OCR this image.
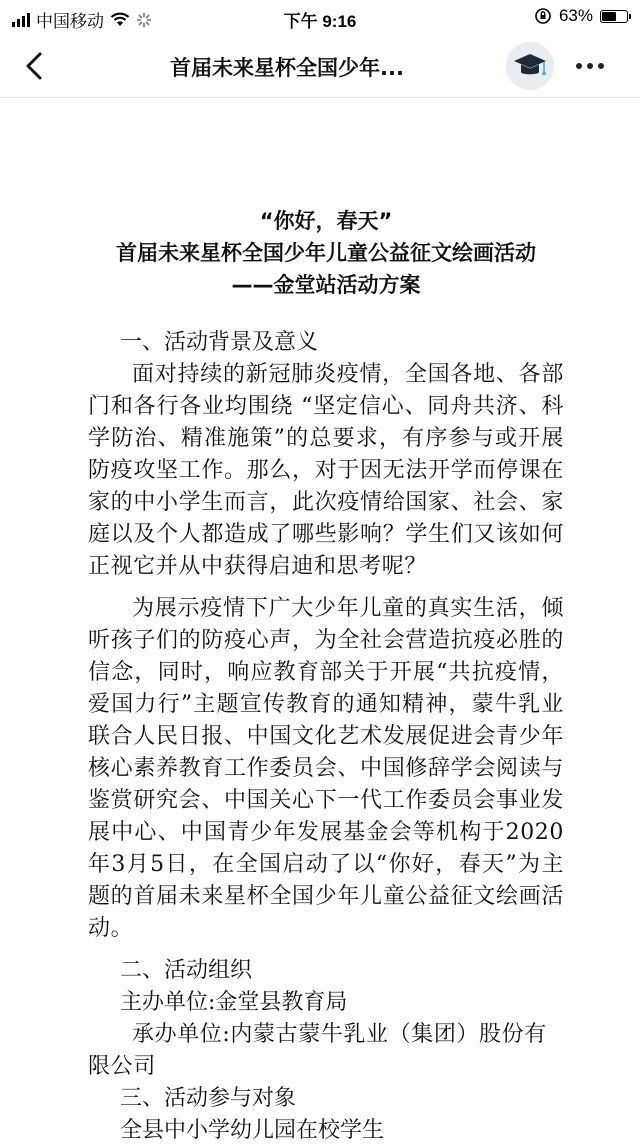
中国移动	下午 9:16	63%
首届未来星杯全国少年...
“你好，春天”
首届未来星杯全国少年儿童公益征文绘画活动
——金堂站活动方案
一、活动背景及意义

面对持续的新冠肺炎疫情，全国各地、各部门和各行各业均围绕 “坚定信心、同舟共济、科学防治、精准施策”的总要求，有序参与或开展防疫攻坚工作。那么，对于因无法开学而停课在家的中小学生而言，此次疫情给国家、社会、家庭以及个人都造成了哪些影响？学生们又该如何正视它并从中获得启迪和思考呢？

为展示疫情下广大少年儿童的真实生活，倾听孩子们的防疫心声，为全社会营造抗疫必胜的信念，同时，响应教育部关于开展“共抗疫情，爱国力行”主题宣传教育的通知精神，蒙牛乳业联合人民日报、中国文化艺术发展促进会青少年核心素养教育工作委员会、中国修辞学会阅读与鉴赏研究会、中国关心下一代工作委员会事业发展中心、中国青少年发展基金会等机构于2020年3月5日，在全国启动了以“你好，春天”为主题的首届未来星杯全国少年儿童公益征文绘画活动。

二、活动组织
主办单位:金堂县教育局

承办单位:内蒙古蒙牛乳业（集团）股份有限公司

三、活动参与对象
全县中小学幼儿园在校学生
